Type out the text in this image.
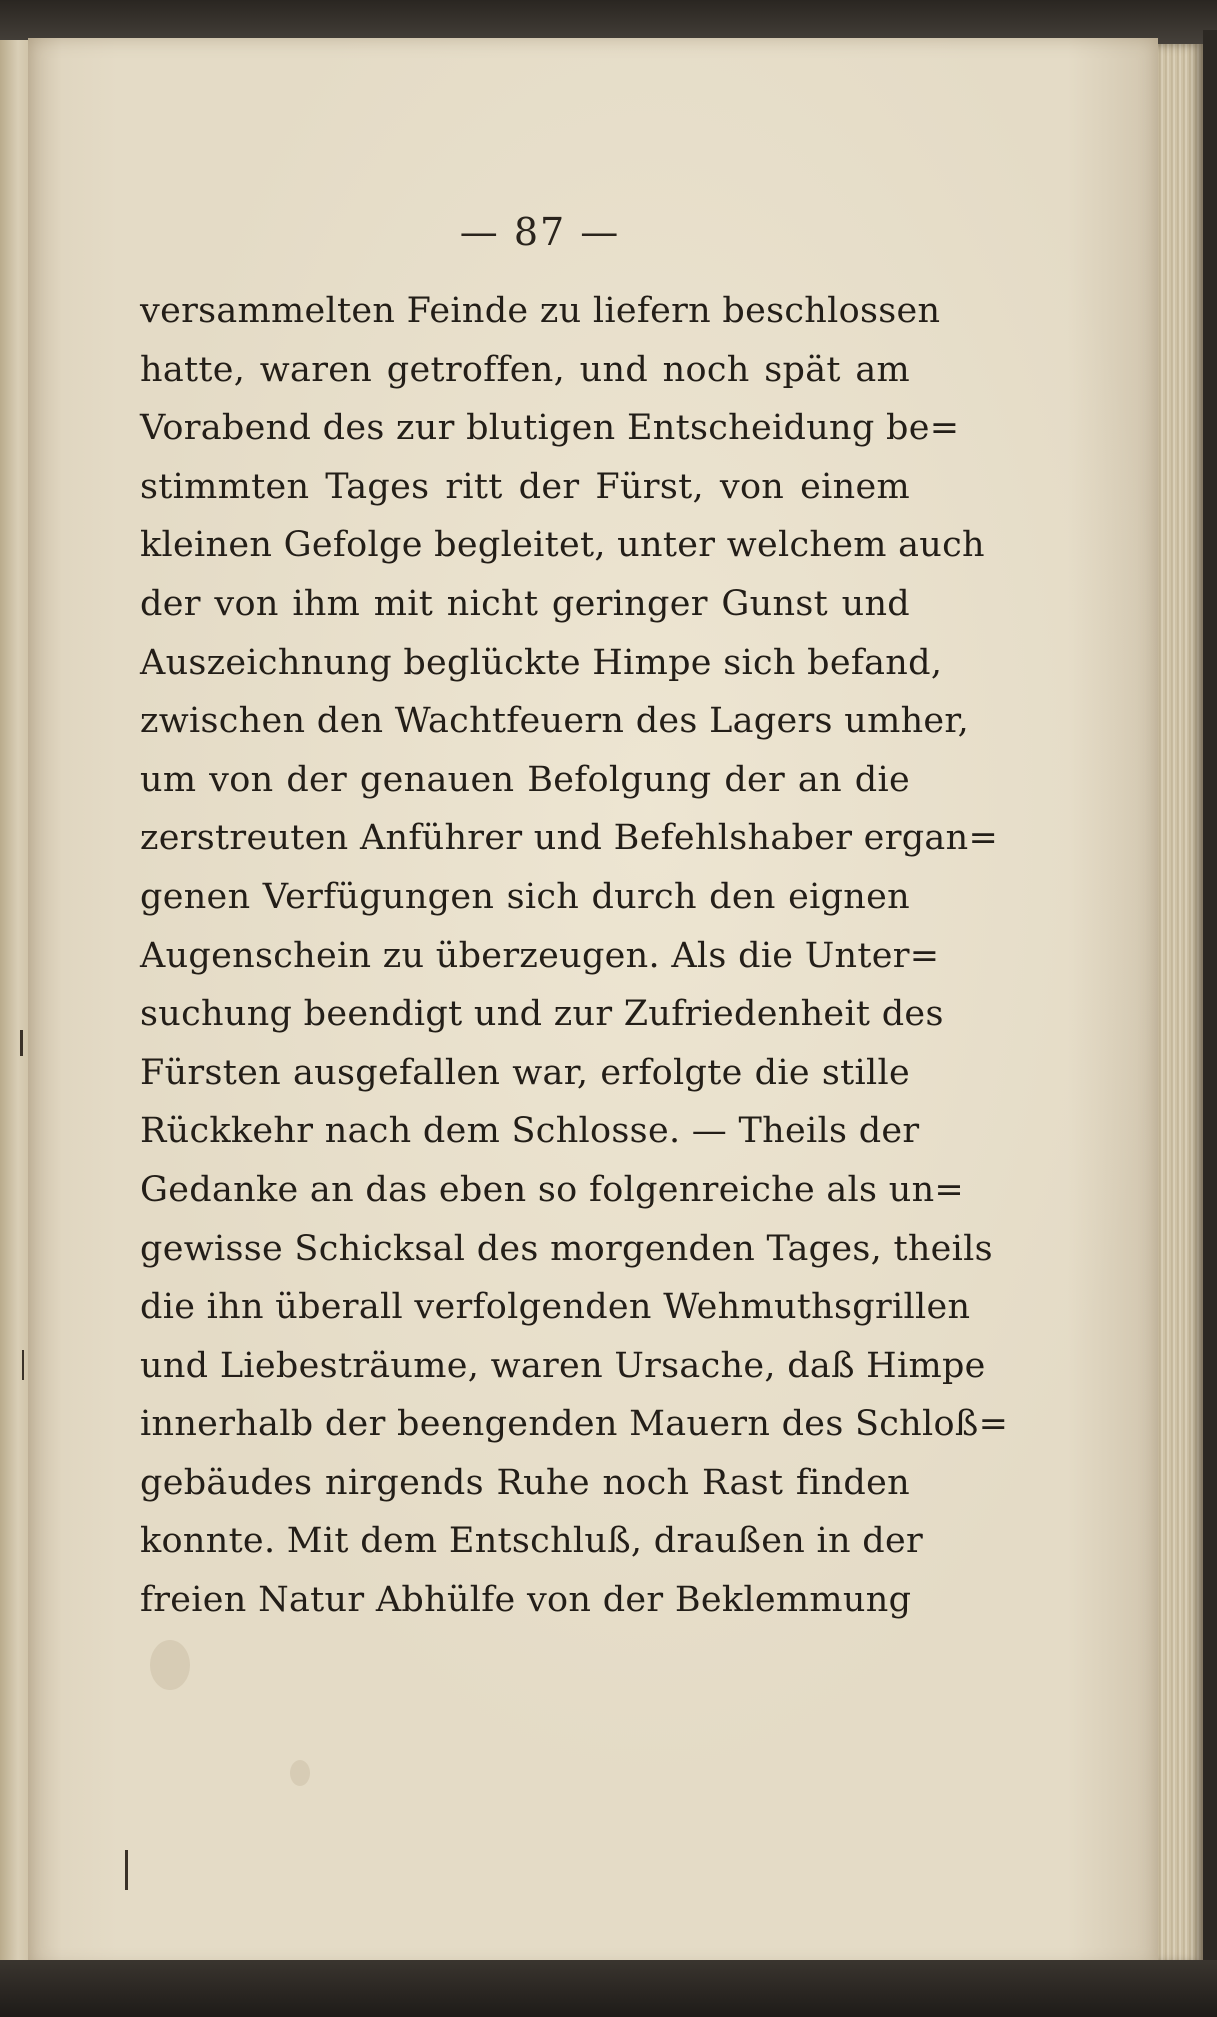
— 87 —

versammelten Feinde zu liefern beschlossen
hatte, waren getroffen, und noch spät am
Vorabend des zur blutigen Entscheidung be=
stimmten Tages ritt der Fürst, von einem
kleinen Gefolge begleitet, unter welchem auch
der von ihm mit nicht geringer Gunst und
Auszeichnung beglückte Himpe sich befand,
zwischen den Wachtfeuern des Lagers umher,
um von der genauen Befolgung der an die
zerstreuten Anführer und Befehlshaber ergan=
genen Verfügungen sich durch den eignen
Augenschein zu überzeugen. Als die Unter=
suchung beendigt und zur Zufriedenheit des
Fürsten ausgefallen war, erfolgte die stille
Rückkehr nach dem Schlosse. — Theils der
Gedanke an das eben so folgenreiche als un=
gewisse Schicksal des morgenden Tages, theils
die ihn überall verfolgenden Wehmuthsgrillen
und Liebesträume, waren Ursache, daß Himpe
innerhalb der beengenden Mauern des Schloß=
gebäudes nirgends Ruhe noch Rast finden
konnte. Mit dem Entschluß, draußen in der
freien Natur Abhülfe von der Beklemmung
